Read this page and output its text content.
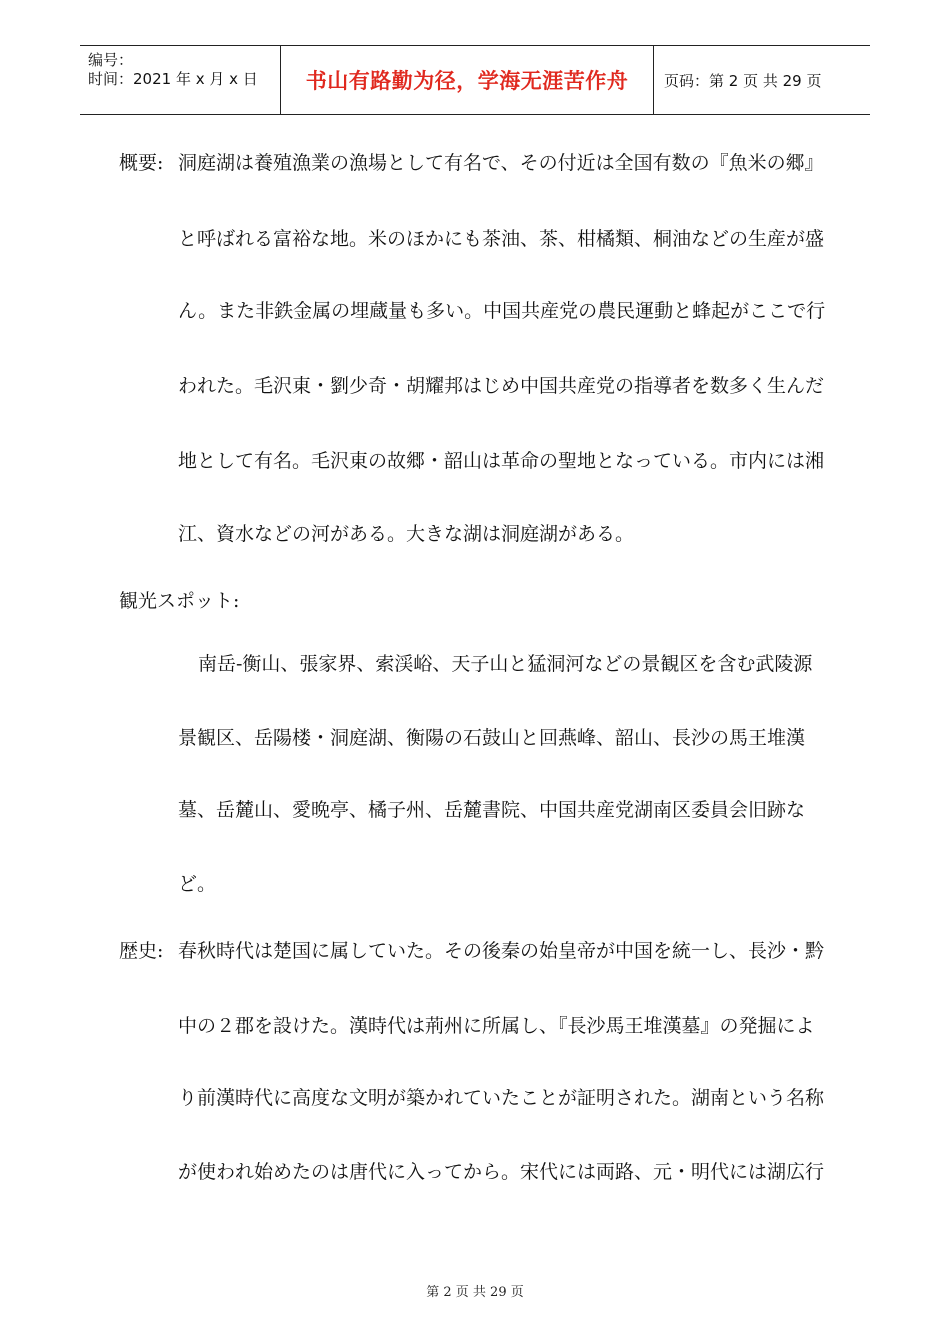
编号：
时间：2021 年 x 月 x 日	书山有路勤为径，学海无涯苦作舟 页码：第 2 页 共 29 页
概要: 洞庭湖は養殖漁業の漁場として有名で、その付近は全国有数の『魚米の郷』
と呼ばれる富裕な地。米のほかにも茶油、茶、柑橘類、桐油などの生産が盛
ん。また非鉄金属の埋蔵量も多い。中国共産党の農民運動と蜂起がここで行
われた。毛沢東・劉少奇・胡耀邦はじめ中国共産党の指導者を数多く生んだ
地として有名。毛沢東の故郷・韶山は革命の聖地となっている。市内には湘
江、資水などの河がある。大きな湖は洞庭湖がある。
観光スポット:
南岳-衡山、張家界、索渓峪、天子山と猛洞河などの景観区を含む武陵源
景観区、岳陽楼・洞庭湖、衡陽の石鼓山と回燕峰、韶山、長沙の馬王堆漢
墓、岳麓山、愛晩亭、橘子州、岳麓書院、中国共産党湖南区委員会旧跡な
ど。
歴史: 春秋時代は楚国に属していた。その後秦の始皇帝が中国を統一し、長沙・黔
中の２郡を設けた。漢時代は荊州に所属し、『長沙馬王堆漢墓』の発掘によ
り前漢時代に高度な文明が築かれていたことが証明された。湖南という名称
が使われ始めたのは唐代に入ってから。宋代には両路、元・明代には湖広行
第 2 页 共 29 页
